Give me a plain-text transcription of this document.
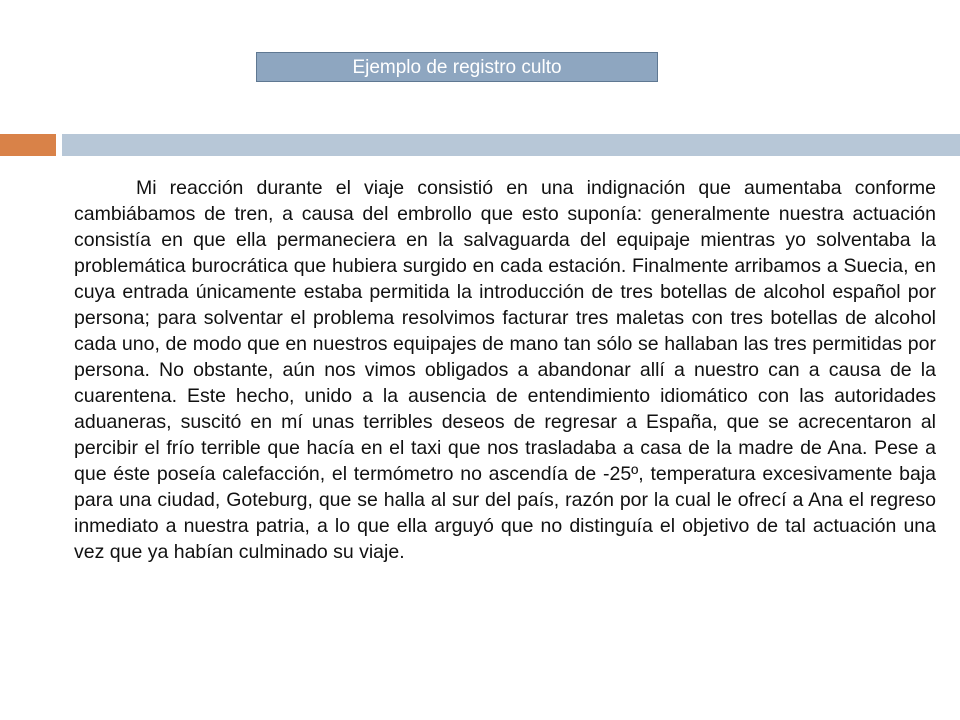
Ejemplo de registro culto

Mi reacción durante el viaje consistió en una indignación que aumentaba conforme cambiábamos de tren, a causa del embrollo que esto suponía: generalmente nuestra actuación consistía en que ella permaneciera en la salvaguarda del equipaje mientras yo solventaba la problemática burocrática que hubiera surgido en cada estación. Finalmente arribamos a Suecia, en cuya entrada únicamente estaba permitida la introducción de tres botellas de alcohol español por persona; para solventar el problema resolvimos facturar tres maletas con tres botellas de alcohol cada uno, de modo que en nuestros equipajes de mano tan sólo se hallaban las tres permitidas por persona. No obstante, aún nos vimos obligados a abandonar allí a nuestro can a causa de la cuarentena. Este hecho, unido a la ausencia de entendimiento idiomático con las autoridades aduaneras, suscitó en mí unas terribles deseos de regresar a España, que se acrecentaron al percibir el frío terrible que hacía en el taxi que nos trasladaba a casa de la madre de Ana. Pese a que éste poseía calefacción, el termómetro no ascendía de -25º, temperatura excesivamente baja para una ciudad, Goteburg, que se halla al sur del país, razón por la cual le ofrecí a Ana el regreso inmediato a nuestra patria, a lo que ella arguyó que no distinguía el objetivo de tal actuación una vez que ya habían culminado su viaje.
